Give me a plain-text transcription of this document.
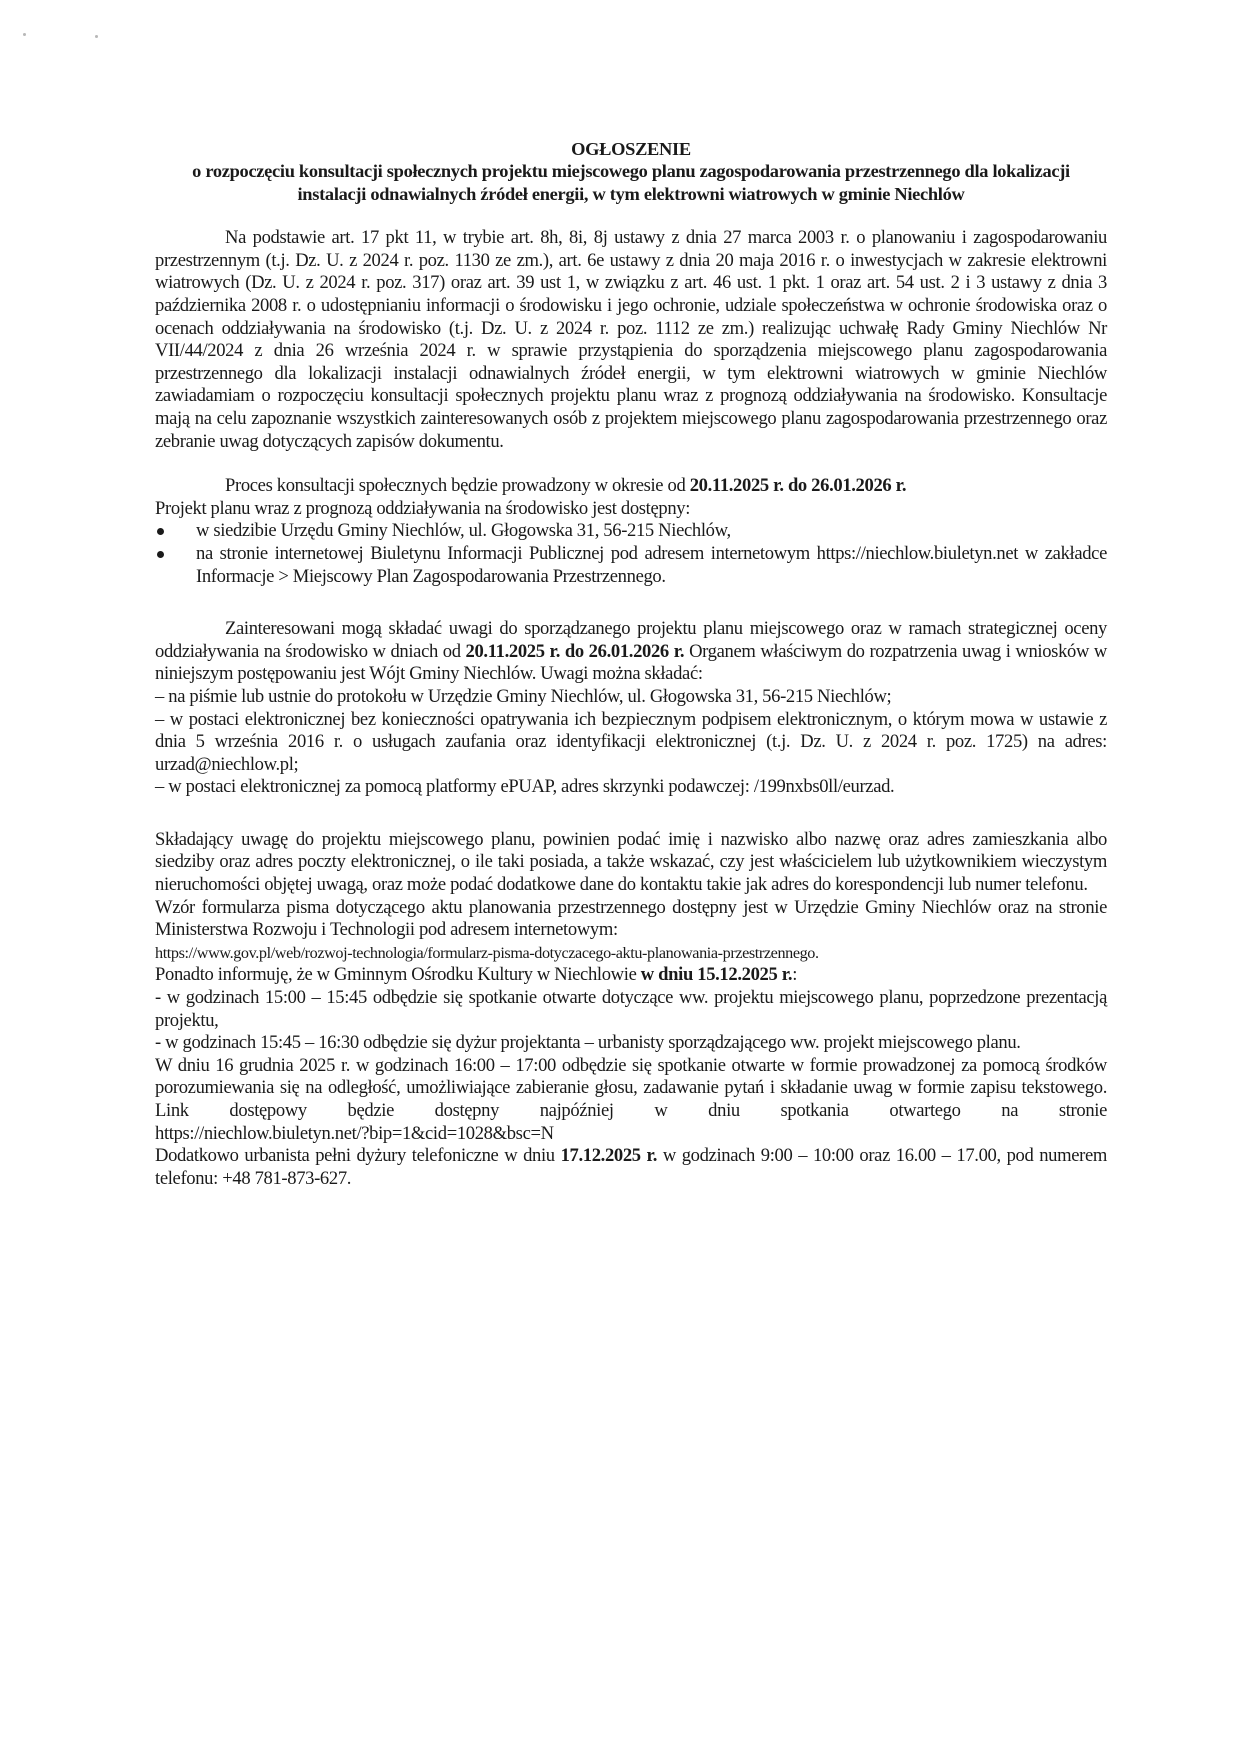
OGŁOSZENIE
o rozpoczęciu konsultacji społecznych projektu miejscowego planu zagospodarowania przestrzennego dla lokalizacji instalacji odnawialnych źródeł energii, w tym elektrowni wiatrowych w gminie Niechlów

Na podstawie art. 17 pkt 11, w trybie art. 8h, 8i, 8j ustawy z dnia 27 marca 2003 r. o planowaniu i zagospodarowaniu przestrzennym (t.j. Dz. U. z 2024 r. poz. 1130 ze zm.), art. 6e ustawy z dnia 20 maja 2016 r. o inwestycjach w zakresie elektrowni wiatrowych (Dz. U. z 2024 r. poz. 317) oraz art. 39 ust 1, w związku z art. 46 ust. 1 pkt. 1 oraz art. 54 ust. 2 i 3 ustawy z dnia 3 października 2008 r. o udostępnianiu informacji o środowisku i jego ochronie, udziale społeczeństwa w ochronie środowiska oraz o ocenach oddziaływania na środowisko (t.j. Dz. U. z 2024 r. poz. 1112 ze zm.) realizując uchwałę Rady Gminy Niechlów Nr VII/44/2024 z dnia 26 września 2024 r. w sprawie przystąpienia do sporządzenia miejscowego planu zagospodarowania przestrzennego dla lokalizacji instalacji odnawialnych źródeł energii, w tym elektrowni wiatrowych w gminie Niechlów zawiadamiam o rozpoczęciu konsultacji społecznych projektu planu wraz z prognozą oddziaływania na środowisko. Konsultacje mają na celu zapoznanie wszystkich zainteresowanych osób z projektem miejscowego planu zagospodarowania przestrzennego oraz zebranie uwag dotyczących zapisów dokumentu.

Proces konsultacji społecznych będzie prowadzony w okresie od 20.11.2025 r. do 26.01.2026 r.

Projekt planu wraz z prognozą oddziaływania na środowisko jest dostępny:

w siedzibie Urzędu Gminy Niechlów, ul. Głogowska 31, 56-215 Niechlów,
na stronie internetowej Biuletynu Informacji Publicznej pod adresem internetowym https://niechlow.biuletyn.net w zakładce Informacje > Miejscowy Plan Zagospodarowania Przestrzennego.

Zainteresowani mogą składać uwagi do sporządzanego projektu planu miejscowego oraz w ramach strategicznej oceny oddziaływania na środowisko w dniach od 20.11.2025 r. do 26.01.2026 r. Organem właściwym do rozpatrzenia uwag i wniosków w niniejszym postępowaniu jest Wójt Gminy Niechlów. Uwagi można składać:

– na piśmie lub ustnie do protokołu w Urzędzie Gminy Niechlów, ul. Głogowska 31, 56-215 Niechlów;

– w postaci elektronicznej bez konieczności opatrywania ich bezpiecznym podpisem elektronicznym, o którym mowa w ustawie z dnia 5 września 2016 r. o usługach zaufania oraz identyfikacji elektronicznej (t.j. Dz. U. z 2024 r. poz. 1725) na adres: urzad@niechlow.pl;

– w postaci elektronicznej za pomocą platformy ePUAP, adres skrzynki podawczej: /199nxbs0ll/eurzad.

Składający uwagę do projektu miejscowego planu, powinien podać imię i nazwisko albo nazwę oraz adres zamieszkania albo siedziby oraz adres poczty elektronicznej, o ile taki posiada, a także wskazać, czy jest właścicielem lub użytkownikiem wieczystym nieruchomości objętej uwagą, oraz może podać dodatkowe dane do kontaktu takie jak adres do korespondencji lub numer telefonu.

Wzór formularza pisma dotyczącego aktu planowania przestrzennego dostępny jest w Urzędzie Gminy Niechlów oraz na stronie Ministerstwa Rozwoju i Technologii pod adresem internetowym:

https://www.gov.pl/web/rozwoj-technologia/formularz-pisma-dotyczacego-aktu-planowania-przestrzennego.

Ponadto informuję, że w Gminnym Ośrodku Kultury w Niechlowie w dniu 15.12.2025 r.:

- w godzinach 15:00 – 15:45 odbędzie się spotkanie otwarte dotyczące ww. projektu miejscowego planu, poprzedzone prezentacją projektu,

- w godzinach 15:45 – 16:30 odbędzie się dyżur projektanta – urbanisty sporządzającego ww. projekt miejscowego planu.

W dniu 16 grudnia 2025 r. w godzinach 16:00 – 17:00 odbędzie się spotkanie otwarte w formie prowadzonej za pomocą środków porozumiewania się na odległość, umożliwiające zabieranie głosu, zadawanie pytań i składanie uwag w formie zapisu tekstowego. Link dostępowy będzie dostępny najpóźniej w dniu spotkania otwartego na stronie

https://niechlow.biuletyn.net/?bip=1&cid=1028&bsc=N

Dodatkowo urbanista pełni dyżury telefoniczne w dniu 17.12.2025 r. w godzinach 9:00 – 10:00 oraz 16.00 – 17.00, pod numerem telefonu: +48 781-873-627.
